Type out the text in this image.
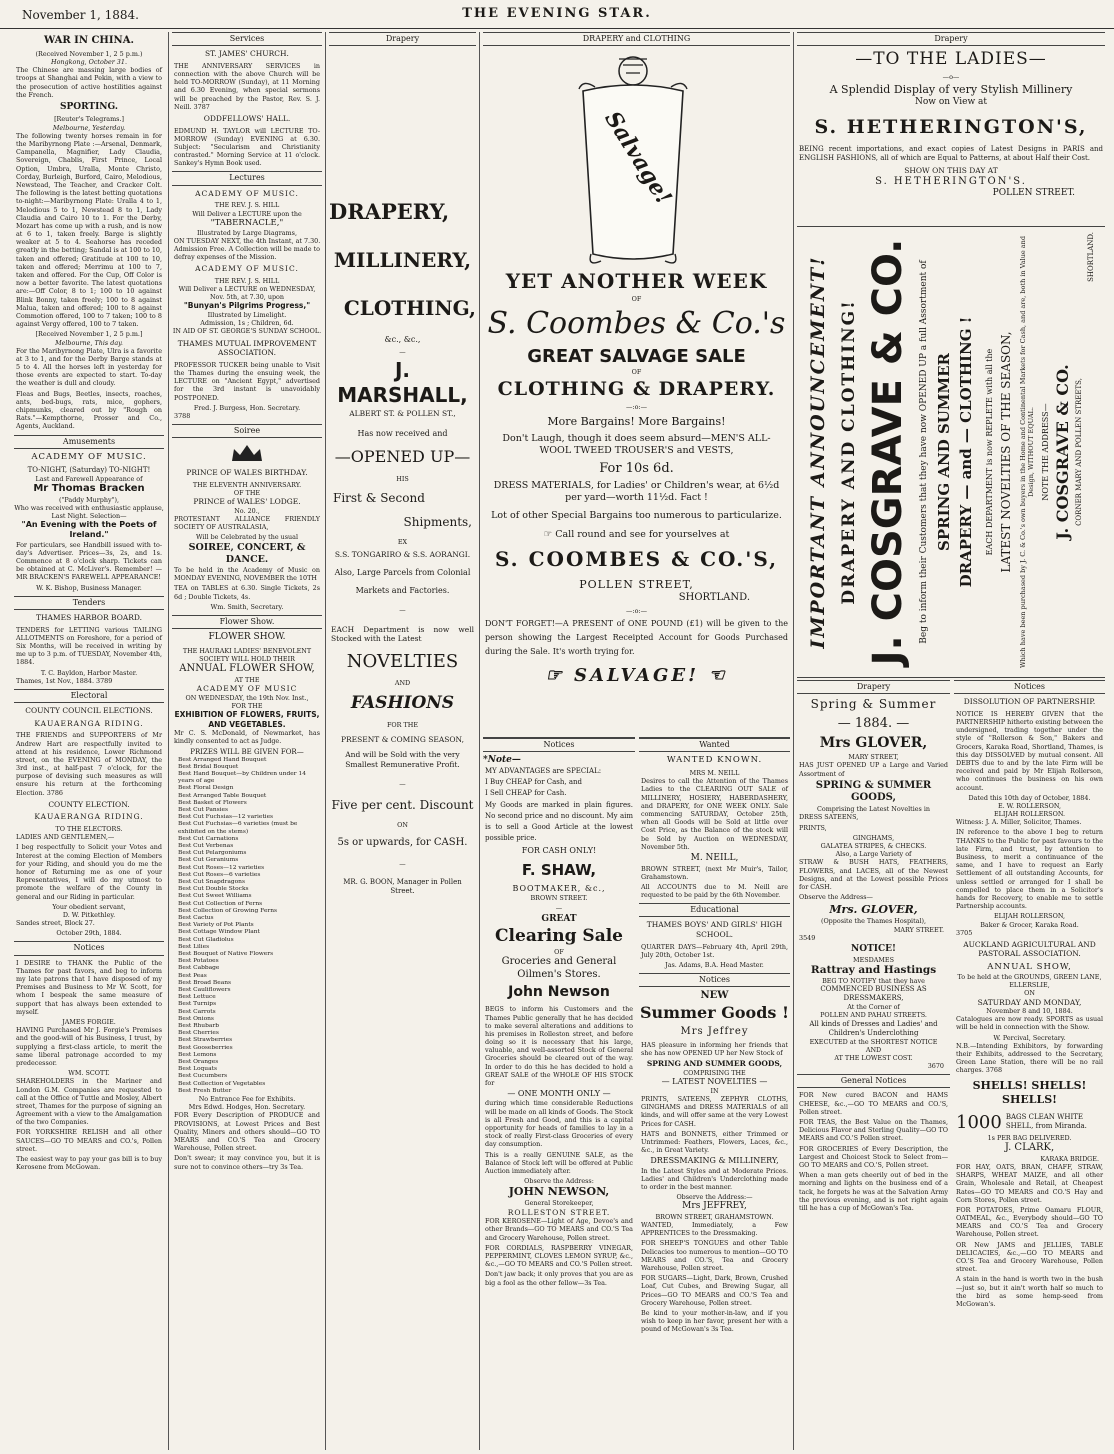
November 1, 1884.	THE EVENING STAR.
WAR IN CHINA.
(Received November 1, 2 5 p.m.)
Hongkong, October 31.
The Chinese are massing large bodies of troops at Shanghai and Pekin, with a view to the prosecution of active hostilities against the French.
SPORTING.
[Reuter's Telegrams.]
Melbourne, Yesterday.
The following twenty horses remain in for the Maribyrnong Plate :—Arsenal, Denmark, Campanella, Magnifier, Lady Claudia, Sovereign, Chablis, First Prince, Local Option, Umbra, Uralla, Monte Christo, Corday, Burleigh, Burford, Cairo, Melodious, Newstead, The Teacher, and Cracker Colt. The following is the latest betting quotations to-night:—Maribyrnong Plate: Uralla 4 to 1, Melodious 5 to 1, Newstead 8 to 1, Lady Claudia and Cairo 10 to 1. For the Derby, Mozart has come up with a rush, and is now at 6 to 1, taken freely. Barge is slightly weaker at 5 to 4. Seahorse has receded greatly in the betting; Sandal is at 100 to 10, taken and offered; Gratitude at 100 to 10, taken and offered; Merrimu at 100 to 7, taken and offered. For the Cup, Off Color is now a better favorite. The latest quotations are:—Off Color, 8 to 1; 100 to 10 against Blink Bonny, taken freely; 100 to 8 against Malua, taken and offered; 100 to 8 against Commotion offered, 100 to 7 taken; 100 to 8 against Vergy offered, 100 to 7 taken.
[Received November 1, 2 5 p.m.]
Melbourne, This day.
For the Maribyrnong Plate, Ulra is a favorite at 3 to 1, and for the Derby Barge stands at 5 to 4. All the horses left in yesterday for those events are expected to start. To-day the weather is dull and cloudy.
Fleas and Bugs, Beetles, insects, roaches, ants, bed-bugs, rats, mice, gophers, chipmunks, cleared out by "Rough on Rats."—Kempthorne, Prosser and Co., Agents, Auckland.
Amusements
ACADEMY OF MUSIC.
TO-NIGHT, (Saturday) TO-NIGHT!
Last and Farewell Appearance of
Mr Thomas Bracken
("Paddy Murphy"),
Who was received with enthusiastic applause, Last Night. Selection—
"An Evening with the Poets of Ireland."
For particulars, see Handbill issued with to-day's Advertiser. Prices—3s, 2s, and 1s. Commence at 8 o'clock sharp. Tickets can be obtained at C. McLiver's. Remember! — MR BRACKEN'S FAREWELL APPEARANCE!
W. K. Bishop, Business Manager.
Tenders
THAMES HARBOR BOARD.
TENDERS for LETTING various TAILING ALLOTMENTS on Foreshore, for a period of Six Months, will be received in writing by me up to 3 p.m. of TUESDAY, November 4th, 1884.
T. C. Bayldon, Harbor Master.
Thames, 1st Nov., 1884. 3789
Electoral
COUNTY COUNCIL ELECTIONS.
KAUAERANGA RIDING.
THE FRIENDS and SUPPORTERS of Mr Andrew Hart are respectfully invited to attend at his residence, Lower Richmond street, on the EVENING of MONDAY, the 3rd inst., at half-past 7 o'clock, for the purpose of devising such measures as will ensure his return at the forthcoming Election. 3786
COUNTY ELECTION.
KAUAERANGA RIDING.
TO THE ELECTORS.
LADIES AND GENTLEMEN,—
I beg respectfully to Solicit your Votes and Interest at the coming Election of Members for your Riding, and should you do me the honor of Returning me as one of your Representatives, I will do my utmost to promote the welfare of the County in general and our Riding in particular.
Your obedient servant,
D. W. Pitkethley.
Sandes street, Block 27.
October 29th, 1884.
Notices
I DESIRE to THANK the Public of the Thames for past favors, and beg to inform my late patrons that I have disposed of my Premises and Business to Mr W. Scott, for whom I bespeak the same measure of support that has always been extended to myself.
JAMES FORGIE.
HAVING Purchased Mr J. Forgie's Premises and the good-will of his Business, I trust, by supplying a first-class article, to merit the same liberal patronage accorded to my predecessor.
WM. SCOTT.
SHAREHOLDERS in the Mariner and London G.M. Companies are requested to call at the Office of Tuttle and Mosley, Albert street, Thames for the purpose of signing an Agreement with a view to the Amalgamation of the two Companies.
FOR YORKSHIRE RELISH and all other SAUCES—GO TO MEARS and CO.'s, Pollen street.
The easiest way to pay your gas bill is to buy Kerosene from McGowan.
Services
ST. JAMES' CHURCH.
THE ANNIVERSARY SERVICES in connection with the above Church will be held TO-MORROW (Sunday), at 11 Morning and 6.30 Evening, when special sermons will be preached by the Pastor, Rev. S. J. Neill. 3787
ODDFELLOWS' HALL.
EDMUND H. TAYLOR will LECTURE TO-MORROW (Sunday) EVENING at 6.30. Subject: "Secularism and Christianity contrasted." Morning Service at 11 o'clock. Sankey's Hymn Book used.
Lectures
ACADEMY OF MUSIC.
THE REV. J. S. HILL
Will Deliver a LECTURE upon the
"TABERNACLE,"
Illustrated by Large Diagrams,
ON TUESDAY NEXT, the 4th Instant, at 7.30.
Admission Free. A Collection will be made to defray expenses of the Mission.
ACADEMY OF MUSIC.
THE REV. J. S. HILL
Will Deliver a LECTURE on WEDNESDAY, Nov. 5th, at 7.30, upon
"Bunyan's Pilgrims Progress,"
Illustrated by Limelight.
Admission, 1s ; Children, 6d.
IN AID OF ST. GEORGE'S SUNDAY SCHOOL.
THAMES MUTUAL IMPROVEMENT ASSOCIATION.
PROFESSOR TUCKER being unable to Visit the Thames during the ensuing week, the LECTURE on "Ancient Egypt," advertised for the 3rd instant is unavoidably POSTPONED.
Fred. J. Burgess, Hon. Secretary.
3788
Soiree
PRINCE OF WALES BIRTHDAY.
THE ELEVENTH ANNIVERSARY.
OF THE
PRINCE of WALES' LODGE.
No. 20.,
PROTESTANT ALLIANCE FRIENDLY SOCIETY OF AUSTRALASIA,
Will be Celebrated by the usual
SOIREE, CONCERT, & DANCE.
To be held in the Academy of Music on MONDAY EVENING, NOVEMBER the 10TH
TEA on TABLES at 6.30. Single Tickets, 2s 6d ; Double Tickets, 4s.
Wm. Smith, Secretary.
Flower Show.
FLOWER SHOW.
THE HAURAKI LADIES' BENEVOLENT SOCIETY WILL HOLD THEIR
ANNUAL FLOWER SHOW,
AT THE
ACADEMY OF MUSIC
ON WEDNESDAY, the 19th Nov. Inst.,
FOR THE
EXHIBITION OF FLOWERS, FRUITS, AND VEGETABLES.
Mr C. S. McDonald, of Newmarket, has kindly consented to act as Judge.
PRIZES WILL BE GIVEN FOR—
Best Arranged Hand Bouquet
Best Bridal Bouquet
Best Hand Bouquet—by Children under 14 years of age
Best Floral Design
Best Arranged Table Bouquet
Best Basket of Flowers
Best Cut Pansies
Best Cut Fuchsias—12 varieties
Best Cut Fuchsias—6 varieties (must be exhibited on the stems)
Best Cut Carnations
Best Cut Verbenas
Best Cut Pelargoniums
Best Cut Geraniums
Best Cut Roses—12 varieties
Best Cut Roses—6 varieties
Best Cut Snapdragons
Best Cut Double Stocks
Best Cut Sweet Williams
Best Cut Collection of Ferns
Best Collection of Growing Ferns
Best Cactus
Best Variety of Pot Plants
Best Cottage Window Plant
Best Cut Gladiolus
Best Lilies
Best Bouquet of Native Flowers
Best Potatoes
Best Cabbage
Best Peas
Best Broad Beans
Best Cauliflowers
Best Lettuce
Best Turnips
Best Carrots
Best Onions
Best Rhubarb
Best Cherries
Best Strawberries
Best Gooseberries
Best Lemons
Best Oranges
Best Loquats
Best Cucumbers
Best Collection of Vegetables
Best Fresh Butter
No Entrance Fee for Exhibits.
Mrs Edwd. Hodges, Hon. Secretary.
FOR Every Description of PRODUCE and PROVISIONS, at Lowest Prices and Best Quality, Miners and others should—GO TO MEARS and CO.'S Tea and Grocery Warehouse, Pollen street.
Don't swear; it may convince you, but it is sure not to convince others—try 3s Tea.
Drapery
DRAPERY,
MILLINERY,
CLOTHING,
&c., &c.,
—
J. MARSHALL,
ALBERT ST. & POLLEN ST.,
Has now received and
—OPENED UP—
HIS
First & Second
Shipments,
EX
S.S. TONGARIRO & S.S. AORANGI.
Also, Large Parcels from Colonial
Markets and Factories.
—
EACH Department is now well Stocked with the Latest
NOVELTIES
AND
FASHIONS
FOR THE
PRESENT & COMING SEASON,
And will be Sold with the very Smallest Remunerative Profit.
—
Five per cent. Discount
ON
5s or upwards, for CASH.
—
MR. G. BOON, Manager in Pollen Street.
DRAPERY and CLOTHING
Salvage!
YET ANOTHER WEEK
OF
S. Coombes & Co.'s
GREAT SALVAGE SALE
OF
CLOTHING & DRAPERY.
—:o:—
More Bargains! More Bargains!
Don't Laugh, though it does seem absurd—MEN'S ALL-WOOL TWEED TROUSER'S and VESTS,
For 10s 6d.
DRESS MATERIALS, for Ladies' or Children's wear, at 6½d per yard—worth 11½d. Fact !
Lot of other Special Bargains too numerous to particularize.
☞ Call round and see for yourselves at
S. COOMBES & CO.'S,
POLLEN STREET,
SHORTLAND.
—:o:—
DON'T FORGET!—A PRESENT of ONE POUND (£1) will be given to the person showing the Largest Receipted Account for Goods Purchased during the Sale. It's worth trying for.
☞ SALVAGE! ☜
Notices
*Note—
MY ADVANTAGES are SPECIAL:
I Buy CHEAP for Cash, and
I Sell CHEAP for Cash.
My Goods are marked in plain figures. No second price and no discount. My aim is to sell a Good Article at the lowest possible price.
FOR CASH ONLY!
F. SHAW,
BOOTMAKER, &c.,
BROWN STREET.
—
GREAT
Clearing Sale
OF
Groceries and General Oilmen's Stores.
John Newson
BEGS to inform his Customers and the Thames Public generally that he has decided to make several alterations and additions to his premises in Rolleston street, and before doing so it is necessary that his large, valuable, and well-assorted Stock of General Groceries should be cleared out of the way. In order to do this he has decided to hold a GREAT SALE of the WHOLE OF HIS STOCK for
— ONE MONTH ONLY —
during which time considerable Reductions will be made on all kinds of Goods. The Stock is all Fresh and Good, and this is a capital opportunity for heads of families to lay in a stock of really First-class Groceries of every day consumption.
This is a really GENUINE SALE, as the Balance of Stock left will be offered at Public Auction immediately after.
Observe the Address:
JOHN NEWSON,
General Storekeeper,
ROLLESTON STREET.
FOR KEROSENE—Light of Age, Devoe's and other Brands—GO TO MEARS and CO.'S Tea and Grocery Warehouse, Pollen street.
FOR CORDIALS, RASPBERRY VINEGAR, PEPPERMINT, CLOVES LEMON SYRUP, &c., &c.,—GO TO MEARS and CO.'S Pollen street.
Don't jaw back; it only proves that you are as big a fool as the other fellow—3s Tea.
Wanted
WANTED KNOWN.
MRS M. NEILL
Desires to call the Attention of the Thames Ladies to the CLEARING OUT SALE of MILLINERY, HOSIERY, HABERDASHERY, and DRAPERY, for ONE WEEK ONLY. Sale commencing SATURDAY, October 25th, when all Goods will be Sold at little over Cost Price, as the Balance of the stock will be Sold by Auction on WEDNESDAY, November 5th.
M. NEILL,
BROWN STREET, (next Mr Muir's, Tailor, Grahamstown.
All ACCOUNTS due to M. Neill are requested to be paid by the 6th November.
Educational
THAMES BOYS' AND GIRLS' HIGH SCHOOL.
QUARTER DAYS—February 4th, April 29th, July 20th, October 1st.
Jas. Adams, B.A. Head Master.
Notices
NEW
Summer Goods !
Mrs Jeffrey
HAS pleasure in informing her friends that she has now OPENED UP her New Stock of
SPRING AND SUMMER GOODS,
COMPRISING THE
— LATEST NOVELTIES —
IN
PRINTS, SATEENS, ZEPHYR CLOTHS, GINGHAMS and DRESS MATERIALS of all kinds, and will offer same at the very Lowest Prices for CASH.
HATS and BONNETS, either Trimmed or Untrimmed: Feathers, Flowers, Laces, &c., &c., in Great Variety.
DRESSMAKING & MILLINERY,
In the Latest Styles and at Moderate Prices. Ladies' and Children's Underclothing made to order in the best manner.
Observe the Address:—
Mrs JEFFREY,
BROWN STREET, GRAHAMSTOWN.
WANTED, Immediately, a Few APPRENTICES to the Dressmaking.
FOR SHEEP'S TONGUES and other Table Delicacies too numerous to mention—GO TO MEARS and CO.'S, Tea and Grocery Warehouse, Pollen street.
FOR SUGARS—Light, Dark, Brown, Crushed Loaf, Cut Cubes, and Brewing Sugar, all Prices—GO TO MEARS and CO.'S Tea and Grocery Warehouse, Pollen street.
Be kind to your mother-in-law, and if you wish to keep in her favor, present her with a pound of McGowan's 3s Tea.
Drapery
—TO THE LADIES—
—o—
A Splendid Display of very Stylish Millinery
Now on View at
S. HETHERINGTON'S,
BEING recent importations, and exact copies of Latest Designs in PARIS and ENGLISH FASHIONS, all of which are Equal to Patterns, at about Half their Cost.
SHOW ON THIS DAY AT
S. HETHERINGTON'S.
POLLEN STREET.
IMPORTANT ANNOUNCEMENT! DRAPERY AND CLOTHING! J. COSGRAVE & CO. Beg to inform their Customers that they have now OPENED UP a full Assortment of SPRING AND SUMMER DRAPERY — and — CLOTHING ! EACH DEPARTMENT is now REPLETE with all the LATEST NOVELTIES OF THE SEASON, Which have been purchased by J. C. & Co.'s own buyers in the Home and Continental Markets for Cash, and are, both in Value and Design, WITHOUT EQUAL. NOTE THE ADDRESS— J. COSGRAVE & CO. CORNER MARY AND POLLEN STREETS,
SHORTLAND.
Drapery
Spring & Summer
— 1884. —
Mrs GLOVER,
MARY STREET,
HAS JUST OPENED UP a Large and Varied Assortment of
SPRING & SUMMER GOODS,
Comprising the Latest Novelties in
DRESS SATEENS,
PRINTS,
GINGHAMS,
GALATEA STRIPES, & CHECKS.
Also, a Large Variety of
STRAW & BUSH HATS, FEATHERS, FLOWERS, and LACES, all of the Newest Designs, and at the Lowest possible Prices for CASH.
Observe the Address—
Mrs. GLOVER,
(Opposite the Thames Hospital),
MARY STREET.
3549
NOTICE!
MESDAMES
Rattray and Hastings
BEG TO NOTIFY that they have
COMMENCED BUSINESS AS DRESSMAKERS,
At the Corner of
POLLEN AND PAHAU STREETS.
All kinds of Dresses and Ladies' and Children's Underclothing
EXECUTED at the SHORTEST NOTICE
AND
AT THE LOWEST COST.
3670
General Notices
FOR New cured BACON and HAMS CHEESE, &c.,—GO TO MEARS and CO.'S, Pollen street.
FOR TEAS, the Best Value on the Thames, Delicious Flavor and Sterling Quality—GO TO MEARS and CO.'S Pollen street.
FOR GROCERIES of Every Description, the Largest and Choicest Stock to Select from—GO TO MEARS and CO.'S, Pollen street.
When a man gets cheerily out of bed in the morning and lights on the business end of a tack, he forgets he was at the Salvation Army the previous evening, and is not right again till he has a cup of McGowan's Tea.
Notices
DISSOLUTION OF PARTNERSHIP.
NOTICE IS HEREBY GIVEN that the PARTNERSHIP hitherto existing between the undersigned, trading together under the style of "Rollerson & Son," Bakers and Grocers, Karaka Road, Shortland, Thames, is this day DISSOLVED by mutual consent. All DEBTS due to and by the late Firm will be received and paid by Mr Elijah Rollerson, who continues the business on his own account.
Dated this 10th day of October, 1884.
E. W. ROLLERSON,
ELIJAH ROLLERSON.
Witness: J. A. Miller, Solicitor, Thames.
IN reference to the above I beg to return THANKS to the Public for past favours to the late Firm, and trust, by attention to Business, to merit a continuance of the same, and I have to request an Early Settlement of all outstanding Accounts, for unless settled or arranged for I shall be compelled to place them in a Solicitor's hands for Recovery, to enable me to settle Partnership accounts.
ELIJAH ROLLERSON,
Baker & Grocer, Karaka Road.
3705
AUCKLAND AGRICULTURAL AND PASTORAL ASSOCIATION.
ANNUAL SHOW,
To be held at the GROUNDS, GREEN LANE, ELLERSLIE,
ON
SATURDAY AND MONDAY,
November 8 and 10, 1884.
Catalogues are now ready. SPORTS as usual will be held in connection with the Show.
W. Percival, Secretary.
N.B.—Intending Exhibitors, by forwarding their Exhibits, addressed to the Secretary, Green Lane Station, there will be no rail charges. 3768
SHELLS! SHELLS! SHELLS!
1000 BAGS CLEAN WHITE SHELL, from Miranda.
1s PER BAG DELIVERED.
J. CLARK,
KARAKA BRIDGE.
FOR HAY, OATS, BRAN, CHAFF, STRAW, SHARPS, WHEAT MAIZE, and all other Grain, Wholesale and Retail, at Cheapest Rates—GO TO MEARS and CO.'S Hay and Corn Stores, Pollen street.
FOR POTATOES, Prime Oamaru FLOUR, OATMEAL, &c., Everybody should—GO TO MEARS and CO.'S Tea and Grocery Warehouse, Pollen street.
OR New JAMS and JELLIES, TABLE DELICACIES, &c.,—GO TO MEARS and CO.'S Tea and Grocery Warehouse, Pollen street.
A stain in the hand is worth two in the bush—just so, but it ain't worth half so much to the bird as some hemp-seed from McGowan's.
